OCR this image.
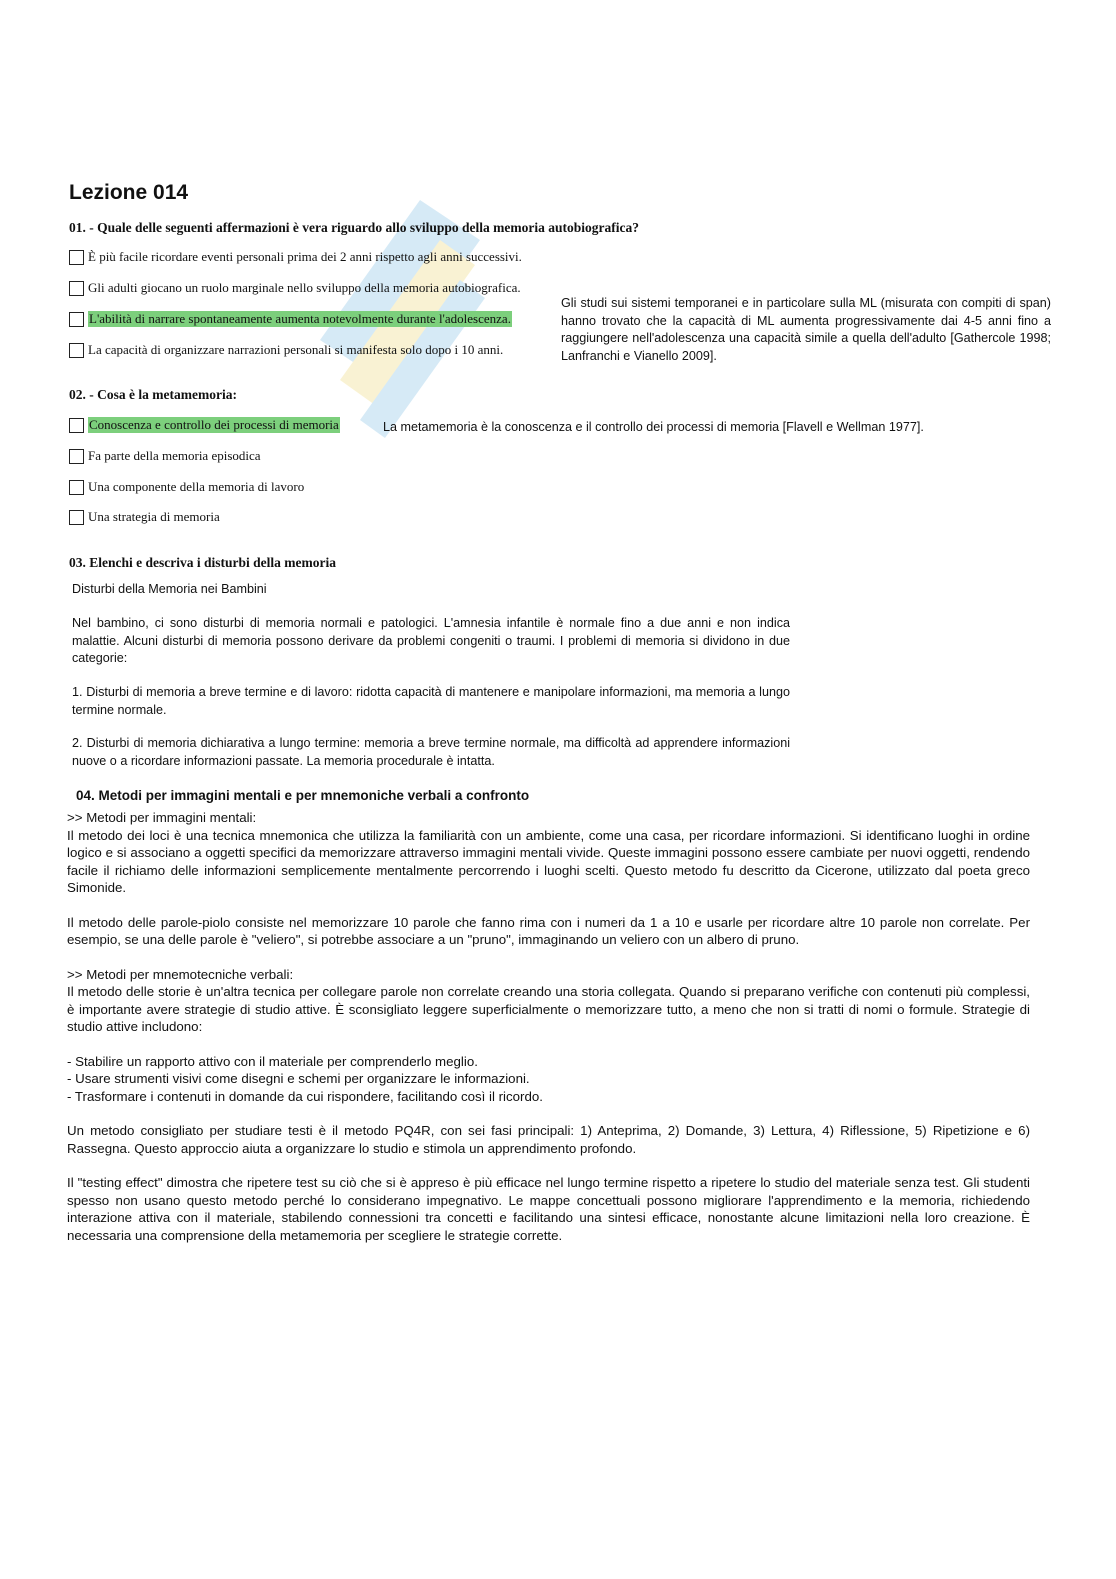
Lezione 014
01. - Quale delle seguenti affermazioni è vera riguardo allo sviluppo della memoria autobiografica?
È più facile ricordare eventi personali prima dei 2 anni rispetto agli anni successivi.
Gli adulti giocano un ruolo marginale nello sviluppo della memoria autobiografica.
L'abilità di narrare spontaneamente aumenta notevolmente durante l'adolescenza.
La capacità di organizzare narrazioni personali si manifesta solo dopo i 10 anni.
Gli studi sui sistemi temporanei e in particolare sulla ML (misurata con compiti di span) hanno trovato che la capacità di ML aumenta progressivamente dai 4-5 anni fino a raggiungere nell'adolescenza una capacità simile a quella dell'adulto [Gathercole 1998; Lanfranchi e Vianello 2009].
02. - Cosa è la metamemoria:
Conoscenza e controllo dei processi di memoria
Fa parte della memoria episodica
Una componente della memoria di lavoro
Una strategia di memoria
La metamemoria è la conoscenza e il controllo dei processi di memoria [Flavell e Wellman 1977].
03. Elenchi e descriva i disturbi della memoria
Disturbi della Memoria nei Bambini
Nel bambino, ci sono disturbi di memoria normali e patologici. L'amnesia infantile è normale fino a due anni e non indica malattie. Alcuni disturbi di memoria possono derivare da problemi congeniti o traumi. I problemi di memoria si dividono in due categorie:
1. Disturbi di memoria a breve termine e di lavoro: ridotta capacità di mantenere e manipolare informazioni, ma memoria a lungo termine normale.
2. Disturbi di memoria dichiarativa a lungo termine: memoria a breve termine normale, ma difficoltà ad apprendere informazioni nuove o a ricordare informazioni passate. La memoria procedurale è intatta.
04. Metodi per immagini mentali e per mnemoniche verbali a confronto

>> Metodi per immagini mentali:
Il metodo dei loci è una tecnica mnemonica che utilizza la familiarità con un ambiente, come una casa, per ricordare informazioni. Si identificano luoghi in ordine logico e si associano a oggetti specifici da memorizzare attraverso immagini mentali vivide. Queste immagini possono essere cambiate per nuovi oggetti, rendendo facile il richiamo delle informazioni semplicemente mentalmente percorrendo i luoghi scelti. Questo metodo fu descritto da Cicerone, utilizzato dal poeta greco Simonide.

Il metodo delle parole-piolo consiste nel memorizzare 10 parole che fanno rima con i numeri da 1 a 10 e usarle per ricordare altre 10 parole non correlate. Per esempio, se una delle parole è "veliero", si potrebbe associare a un "pruno", immaginando un veliero con un albero di pruno.

>> Metodi per mnemotecniche verbali:
Il metodo delle storie è un'altra tecnica per collegare parole non correlate creando una storia collegata. Quando si preparano verifiche con contenuti più complessi, è importante avere strategie di studio attive. È sconsigliato leggere superficialmente o memorizzare tutto, a meno che non si tratti di nomi o formule. Strategie di studio attive includono:

- Stabilire un rapporto attivo con il materiale per comprenderlo meglio.
- Usare strumenti visivi come disegni e schemi per organizzare le informazioni.
- Trasformare i contenuti in domande da cui rispondere, facilitando così il ricordo.

Un metodo consigliato per studiare testi è il metodo PQ4R, con sei fasi principali: 1) Anteprima, 2) Domande, 3) Lettura, 4) Riflessione, 5) Ripetizione e 6) Rassegna. Questo approccio aiuta a organizzare lo studio e stimola un apprendimento profondo.

Il "testing effect" dimostra che ripetere test su ciò che si è appreso è più efficace nel lungo termine rispetto a ripetere lo studio del materiale senza test. Gli studenti spesso non usano questo metodo perché lo considerano impegnativo. Le mappe concettuali possono migliorare l'apprendimento e la memoria, richiedendo interazione attiva con il materiale, stabilendo connessioni tra concetti e facilitando una sintesi efficace, nonostante alcune limitazioni nella loro creazione. È necessaria una comprensione della metamemoria per scegliere le strategie corrette.
